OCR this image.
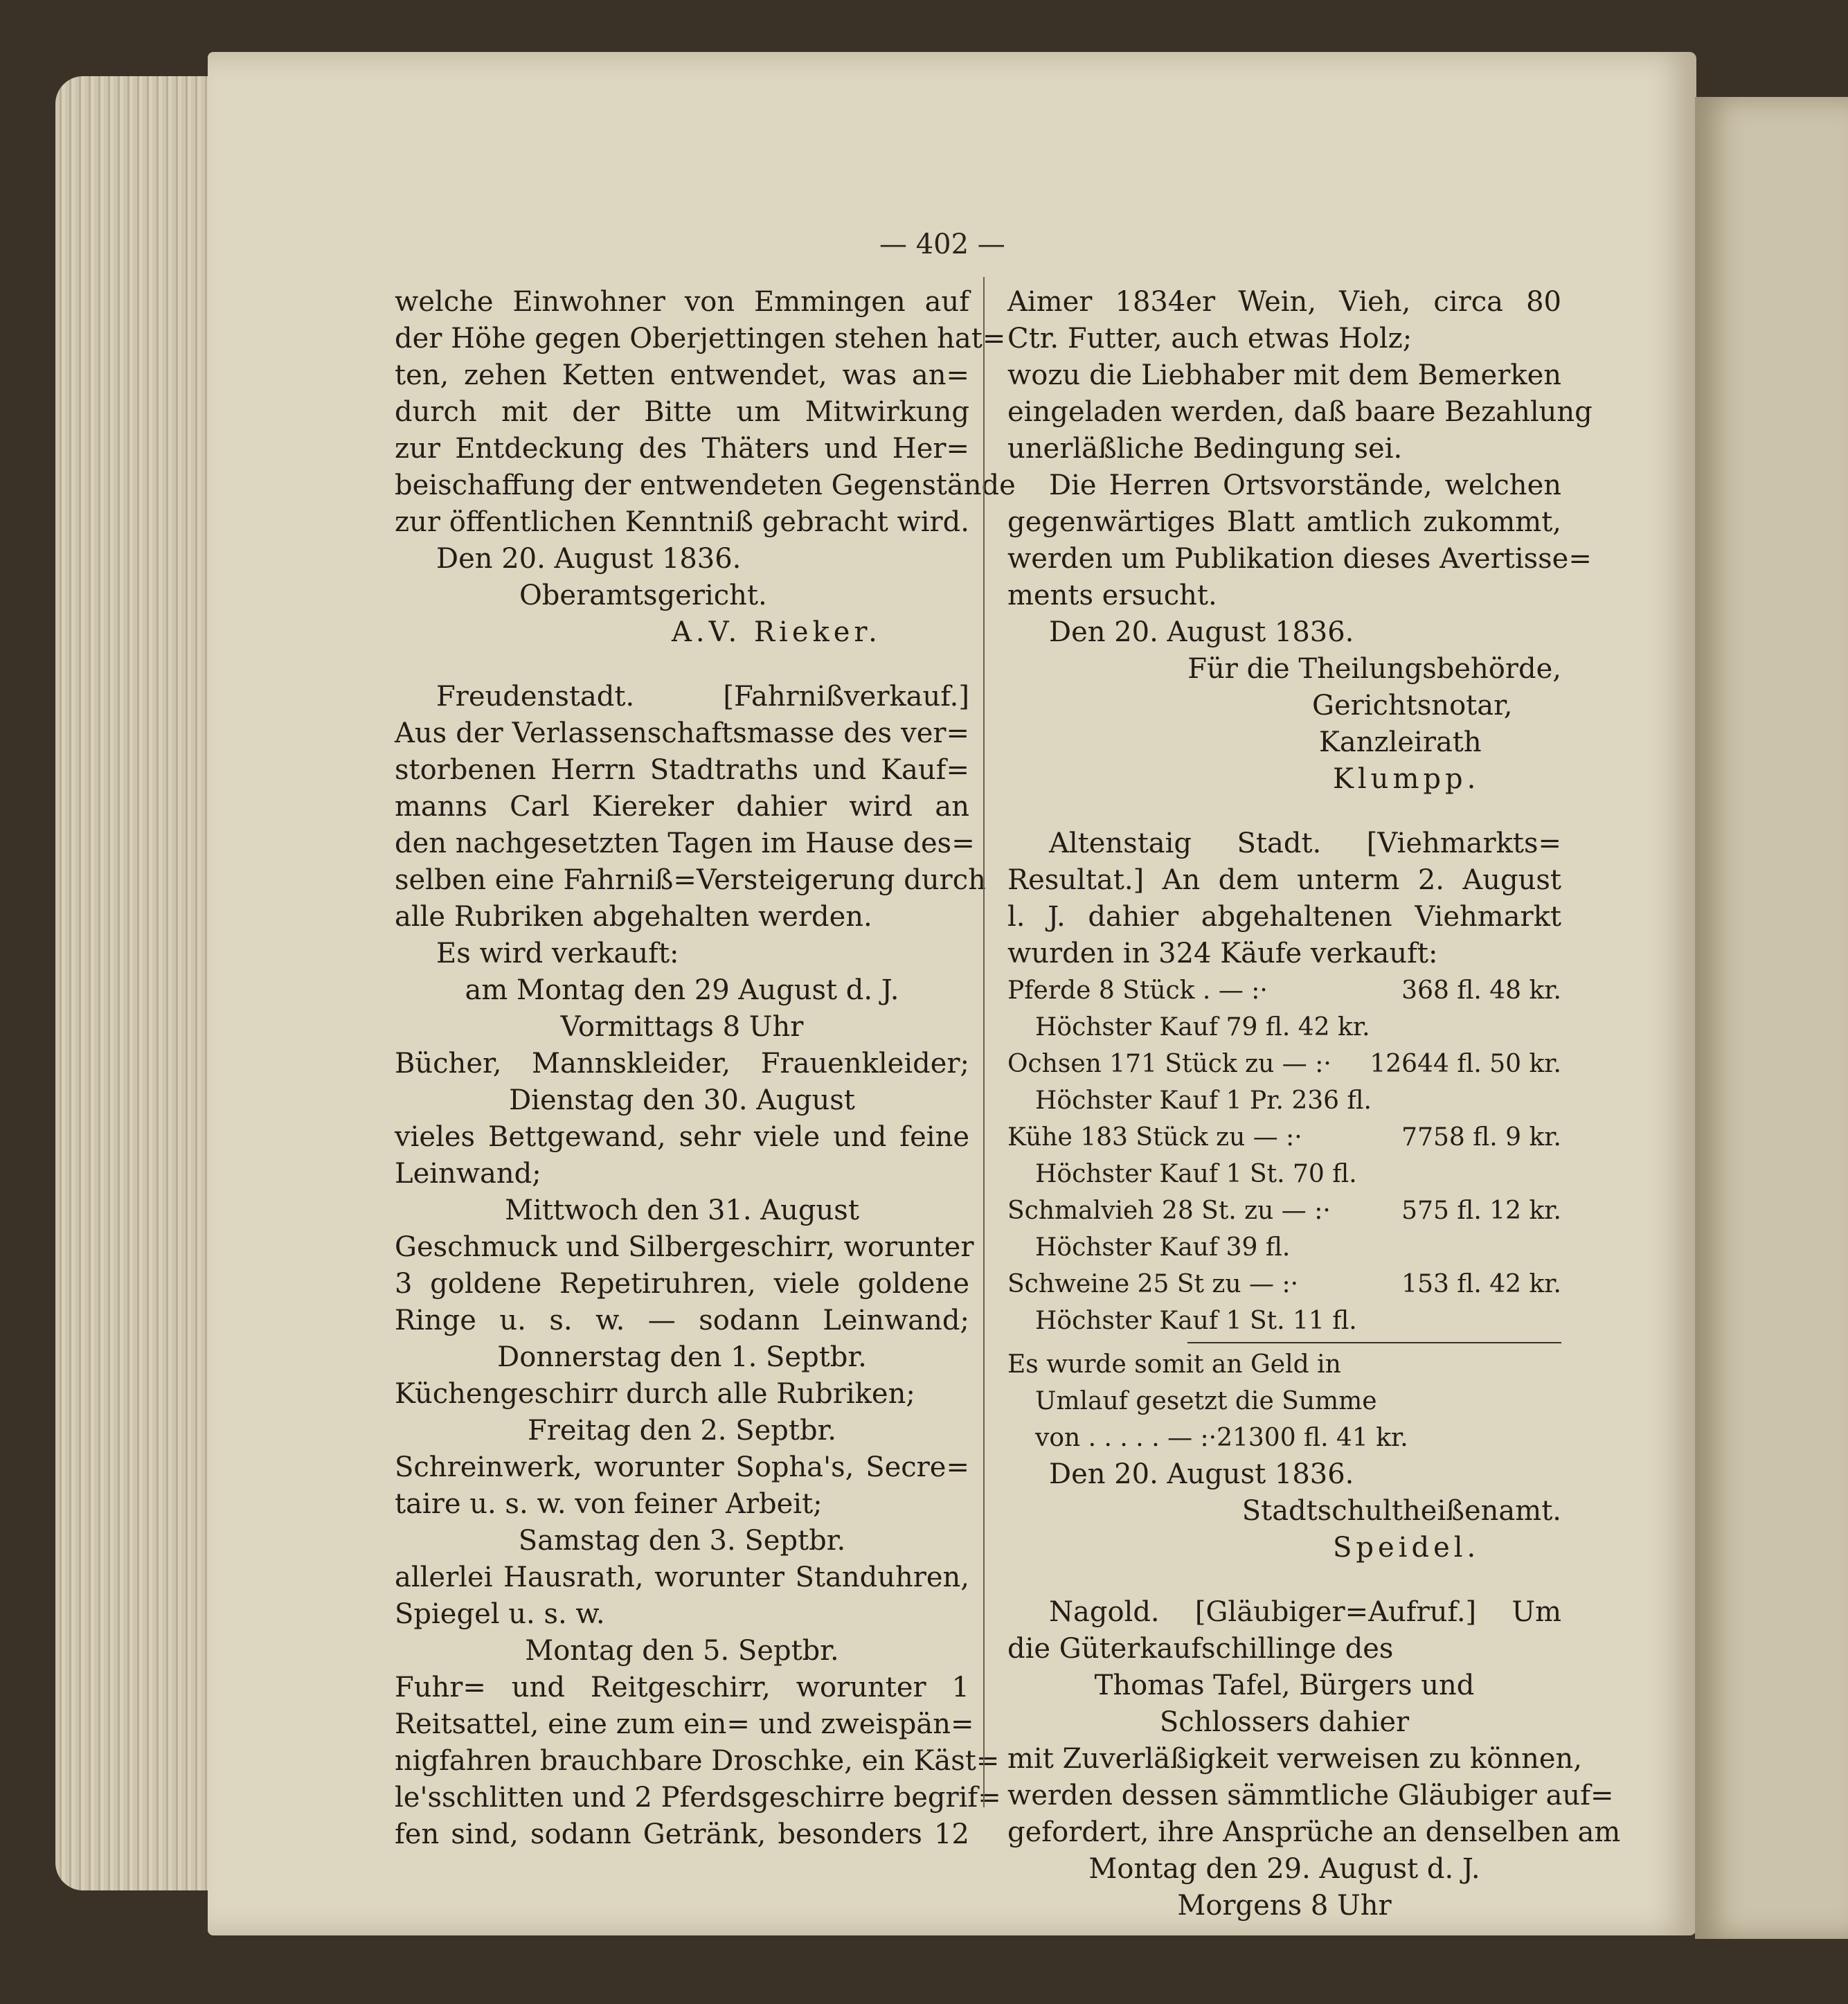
— 402 —
welche Einwohner von Emmingen auf
der Höhe gegen Oberjettingen stehen hat=
ten, zehen Ketten entwendet, was an=
durch mit der Bitte um Mitwirkung
zur Entdeckung des Thäters und Her=
beischaffung der entwendeten Gegenstände
zur öffentlichen Kenntniß gebracht wird.
Den 20. August 1836.
Oberamtsgericht.
A.V. Rieker.
Freudenstadt. [Fahrnißverkauf.]
Aus der Verlassenschaftsmasse des ver=
storbenen Herrn Stadtraths und Kauf=
manns Carl Kiereker dahier wird an
den nachgesetzten Tagen im Hause des=
selben eine Fahrniß=Versteigerung durch
alle Rubriken abgehalten werden.
Es wird verkauft:
am Montag den 29 August d. J.
Vormittags 8 Uhr
Bücher, Mannskleider, Frauenkleider;
Dienstag den 30. August
vieles Bettgewand, sehr viele und feine
Leinwand;
Mittwoch den 31. August
Geschmuck und Silbergeschirr, worunter
3 goldene Repetiruhren, viele goldene
Ringe u. s. w. — sodann Leinwand;
Donnerstag den 1. Septbr.
Küchengeschirr durch alle Rubriken;
Freitag den 2. Septbr.
Schreinwerk, worunter Sopha's, Secre=
taire u. s. w. von feiner Arbeit;
Samstag den 3. Septbr.
allerlei Hausrath, worunter Standuhren,
Spiegel u. s. w.
Montag den 5. Septbr.
Fuhr= und Reitgeschirr, worunter 1
Reitsattel, eine zum ein= und zweispän=
nigfahren brauchbare Droschke, ein Käst=
le'sschlitten und 2 Pferdsgeschirre begrif=
fen sind, sodann Getränk, besonders 12
Aimer 1834er Wein, Vieh, circa 80
Ctr. Futter, auch etwas Holz;
wozu die Liebhaber mit dem Bemerken
eingeladen werden, daß baare Bezahlung
unerläßliche Bedingung sei.
Die Herren Ortsvorstände, welchen
gegenwärtiges Blatt amtlich zukommt,
werden um Publikation dieses Avertisse=
ments ersucht.
Den 20. August 1836.
Für die Theilungsbehörde,
Gerichtsnotar,
Kanzleirath
Klumpp.
Altenstaig Stadt. [Viehmarkts=
Resultat.] An dem unterm 2. August
l. J. dahier abgehaltenen Viehmarkt
wurden in 324 Käufe verkauft:
Pferde 8 Stück . — :·	368 fl. 48 kr.
Höchster Kauf 79 fl. 42 kr.
Ochsen 171 Stück zu — :· 12644 fl. 50 kr.
Höchster Kauf 1 Pr. 236 fl.
Kühe 183 Stück zu — :·	7758 fl. 9 kr.
Höchster Kauf 1 St. 70 fl.
Schmalvieh 28 St. zu — :·	575 fl. 12 kr.
Höchster Kauf 39 fl.
Schweine 25 St zu — :·	153 fl. 42 kr.
Höchster Kauf 1 St. 11 fl.
Es wurde somit an Geld in
Umlauf gesetzt die Summe
von . . . . . — :·21300 fl. 41 kr.
Den 20. August 1836.
Stadtschultheißenamt.
Speidel.
Nagold. [Gläubiger=Aufruf.] Um
die Güterkaufschillinge des
Thomas Tafel, Bürgers und
Schlossers dahier
mit Zuverläßigkeit verweisen zu können,
werden dessen sämmtliche Gläubiger auf=
gefordert, ihre Ansprüche an denselben am
Montag den 29. August d. J.
Morgens 8 Uhr
